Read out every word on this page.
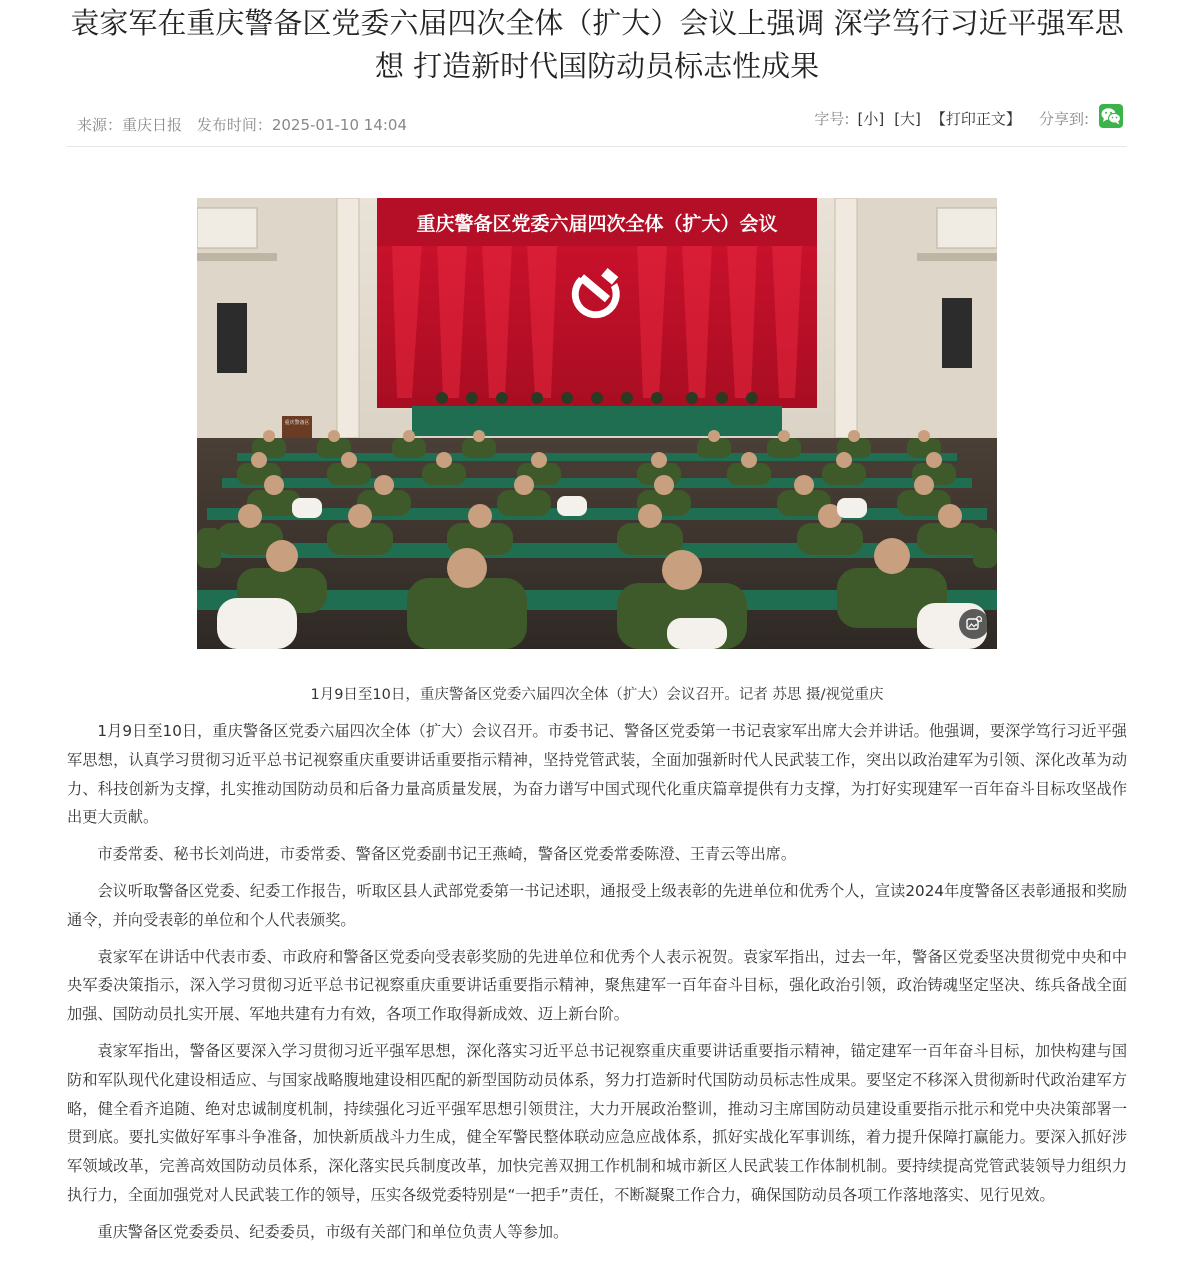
袁家军在重庆警备区党委六届四次全体（扩大）会议上强调 深学笃行习近平强军思想 打造新时代国防动员标志性成果
来源：重庆日报 发布时间：2025-01-10 14:04	字号: [小] [大] 【打印正文】 分享到:
重庆警备区党委六届四次全体（扩大）会议
重庆警备区
1月9日至10日，重庆警备区党委六届四次全体（扩大）会议召开。记者 苏思 摄/视觉重庆

1月9日至10日，重庆警备区党委六届四次全体（扩大）会议召开。市委书记、警备区党委第一书记袁家军出席大会并讲话。他强调，要深学笃行习近平强军思想，认真学习贯彻习近平总书记视察重庆重要讲话重要指示精神，坚持党管武装，全面加强新时代人民武装工作，突出以政治建军为引领、深化改革为动力、科技创新为支撑，扎实推动国防动员和后备力量高质量发展，为奋力谱写中国式现代化重庆篇章提供有力支撑，为打好实现建军一百年奋斗目标攻坚战作出更大贡献。

市委常委、秘书长刘尚进，市委常委、警备区党委副书记王燕崎，警备区党委常委陈澄、王青云等出席。

会议听取警备区党委、纪委工作报告，听取区县人武部党委第一书记述职，通报受上级表彰的先进单位和优秀个人，宣读2024年度警备区表彰通报和奖励通令，并向受表彰的单位和个人代表颁奖。

袁家军在讲话中代表市委、市政府和警备区党委向受表彰奖励的先进单位和优秀个人表示祝贺。袁家军指出，过去一年，警备区党委坚决贯彻党中央和中央军委决策指示，深入学习贯彻习近平总书记视察重庆重要讲话重要指示精神，聚焦建军一百年奋斗目标，强化政治引领，政治铸魂坚定坚决、练兵备战全面加强、国防动员扎实开展、军地共建有力有效，各项工作取得新成效、迈上新台阶。

袁家军指出，警备区要深入学习贯彻习近平强军思想，深化落实习近平总书记视察重庆重要讲话重要指示精神，锚定建军一百年奋斗目标，加快构建与国防和军队现代化建设相适应、与国家战略腹地建设相匹配的新型国防动员体系，努力打造新时代国防动员标志性成果。要坚定不移深入贯彻新时代政治建军方略，健全看齐追随、绝对忠诚制度机制，持续强化习近平强军思想引领贯注，大力开展政治整训，推动习主席国防动员建设重要指示批示和党中央决策部署一贯到底。要扎实做好军事斗争准备，加快新质战斗力生成，健全军警民整体联动应急应战体系，抓好实战化军事训练，着力提升保障打赢能力。要深入抓好涉军领域改革，完善高效国防动员体系，深化落实民兵制度改革，加快完善双拥工作机制和城市新区人民武装工作体制机制。要持续提高党管武装领导力组织力执行力，全面加强党对人民武装工作的领导，压实各级党委特别是“一把手”责任，不断凝聚工作合力，确保国防动员各项工作落地落实、见行见效。

重庆警备区党委委员、纪委委员，市级有关部门和单位负责人等参加。
